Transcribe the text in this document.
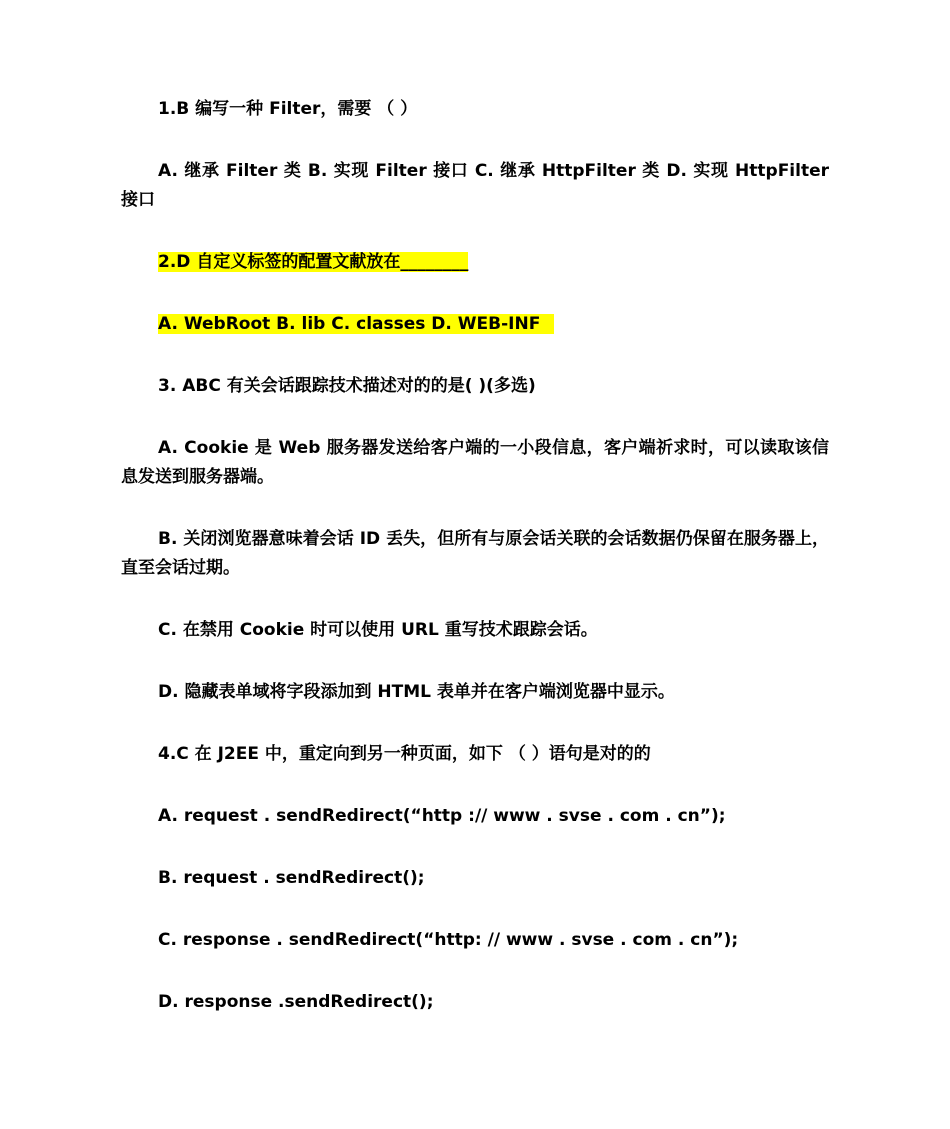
1.B 编写一种 Filter，需要 （ ）
A. 继承 Filter 类 B. 实现 Filter 接口 C. 继承 HttpFilter 类 D. 实现 HttpFilter 接口
2.D 自定义标签的配置文献放在________
A. WebRoot B. lib C. classes D. WEB-INF
3. ABC 有关会话跟踪技术描述对的的是( )(多选)
A. Cookie 是 Web 服务器发送给客户端的一小段信息，客户端祈求时，可以读取该信息发送到服务器端。
B. 关闭浏览器意味着会话 ID 丢失，但所有与原会话关联的会话数据仍保留在服务器上，直至会话过期。
C. 在禁用 Cookie 时可以使用 URL 重写技术跟踪会话。
D. 隐藏表单域将字段添加到 HTML 表单并在客户端浏览器中显示。
4.C 在 J2EE 中，重定向到另一种页面，如下 （ ）语句是对的的
A. request . sendRedirect(“http :// www . svse . com . cn”);
B. request . sendRedirect();
C. response . sendRedirect(“http: // www . svse . com . cn”);
D. response .sendRedirect();
